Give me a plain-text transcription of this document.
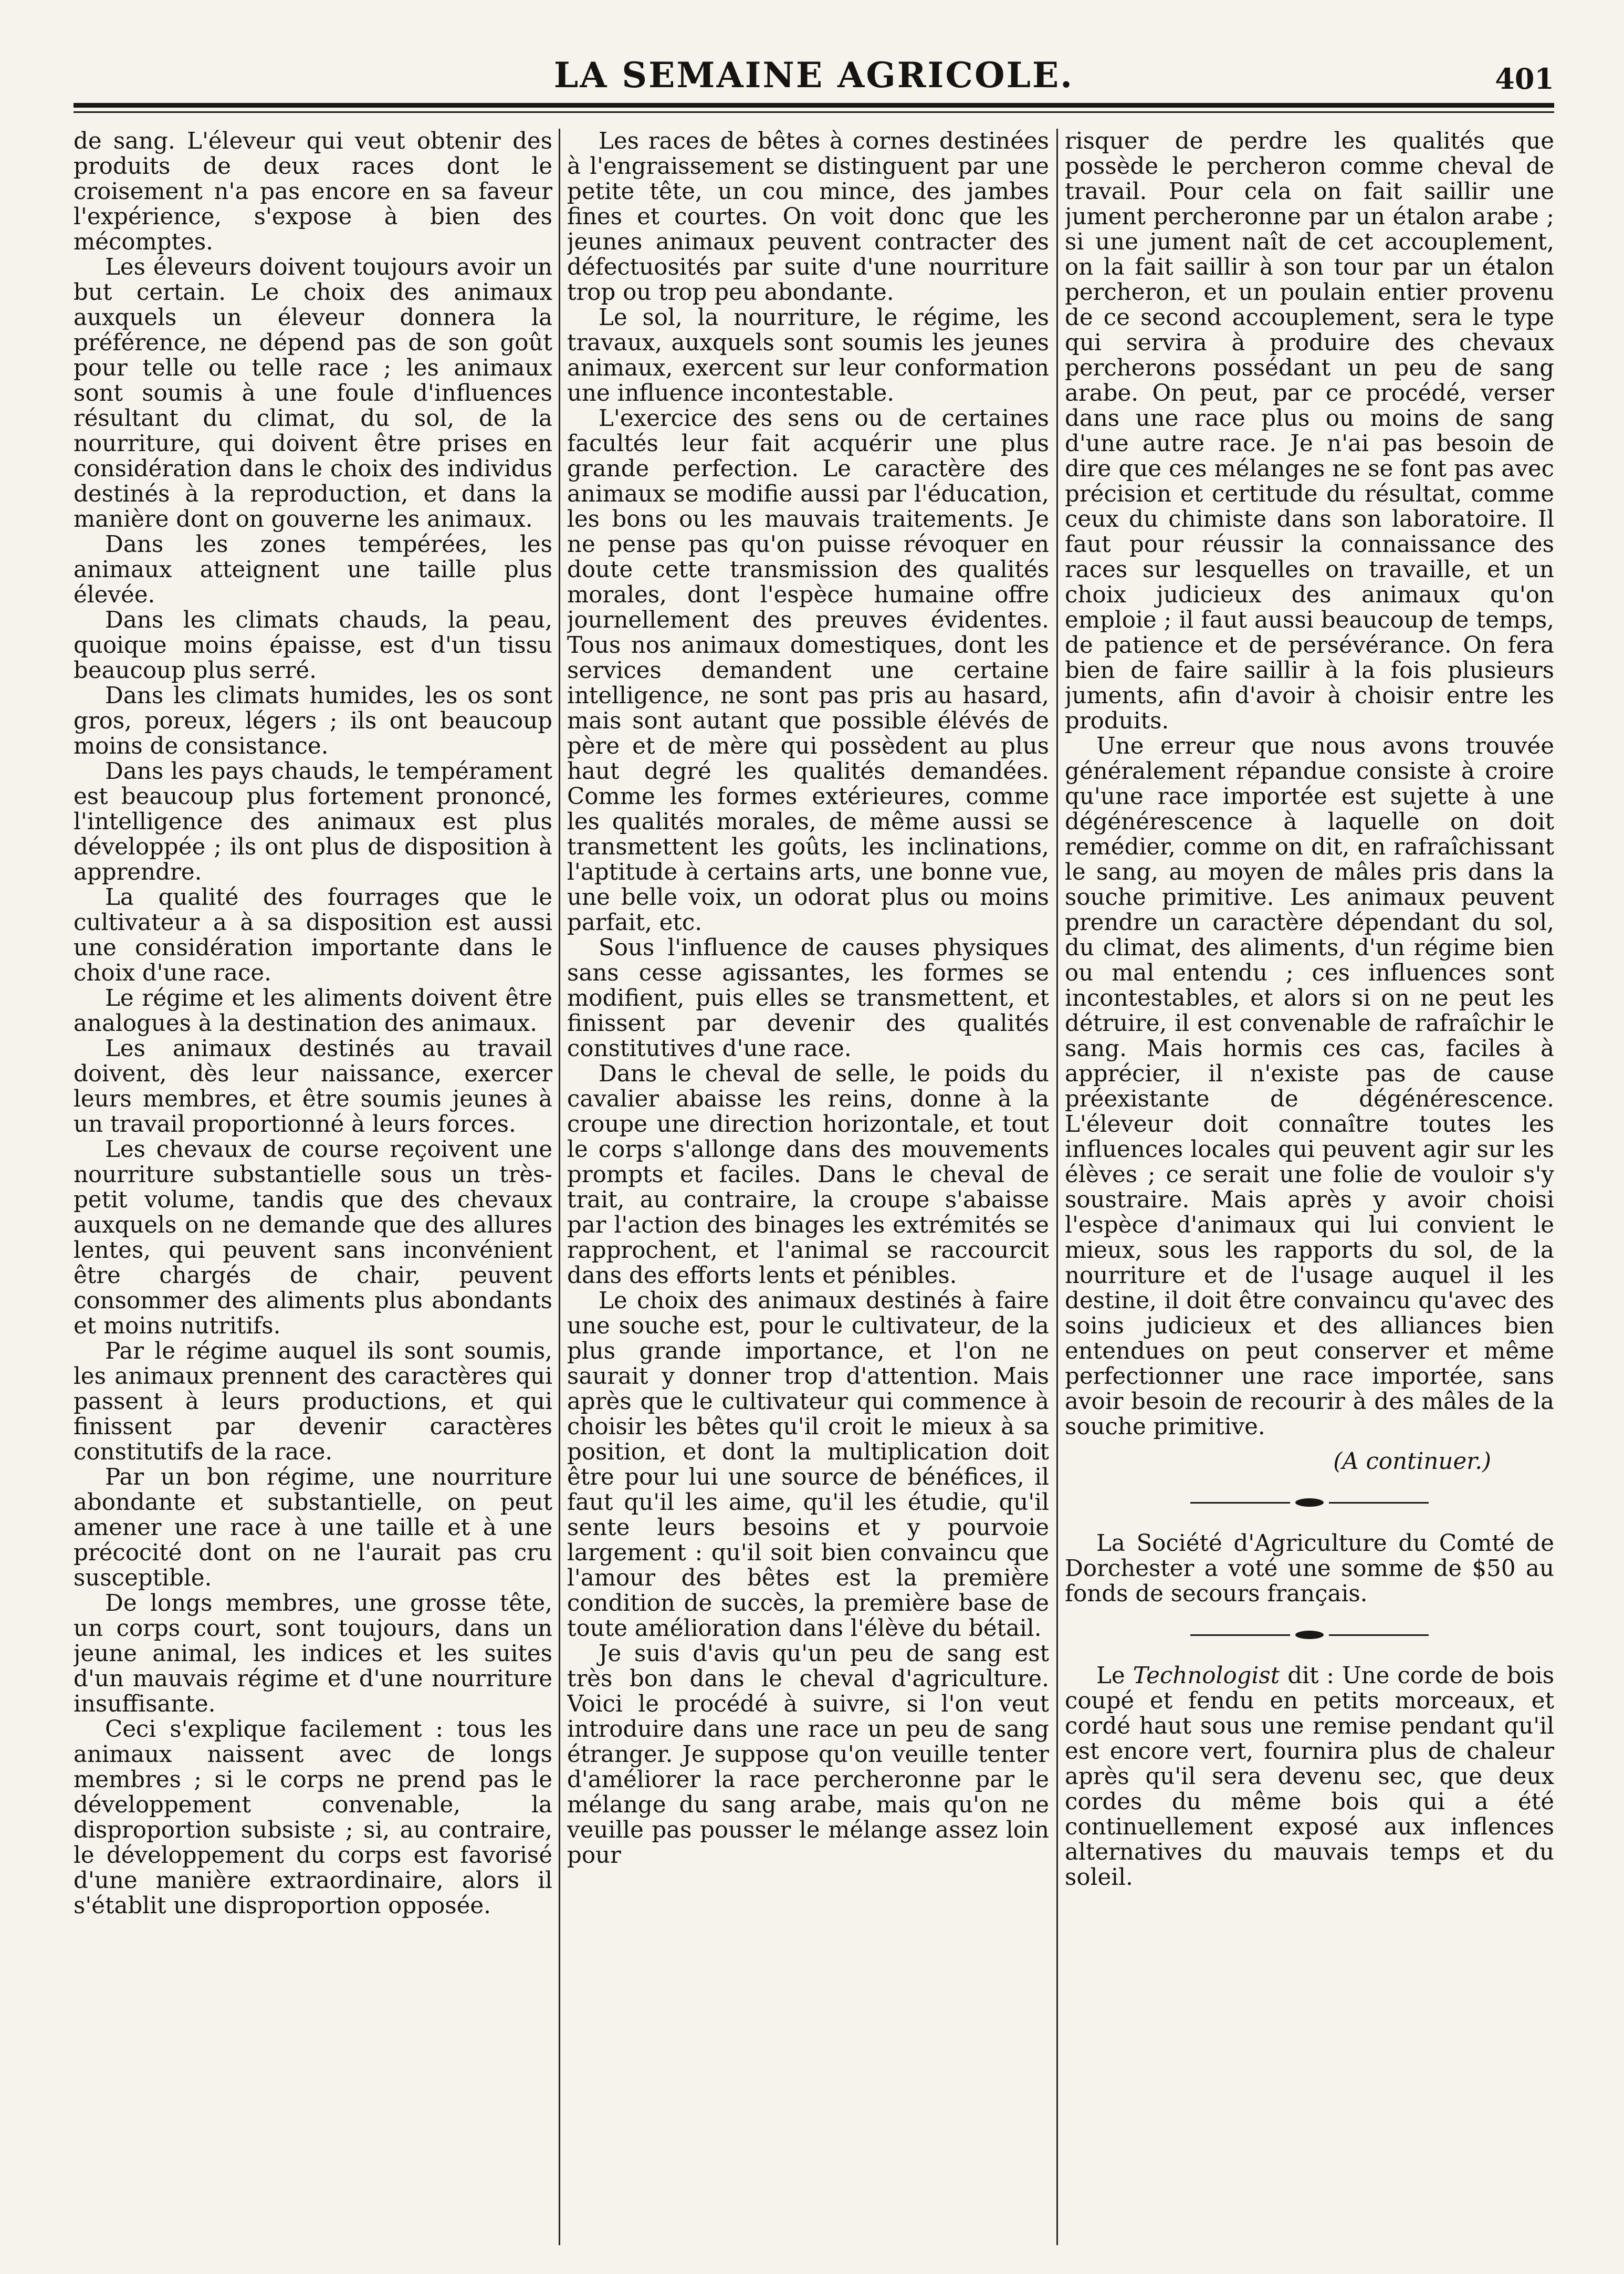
LA SEMAINE AGRICOLE.	401

de sang. L'éleveur qui veut obtenir des produits de deux races dont le croisement n'a pas encore en sa faveur l'expérience, s'expose à bien des mécomptes.

Les éleveurs doivent toujours avoir un but certain. Le choix des animaux auxquels un éleveur donnera la préférence, ne dépend pas de son goût pour telle ou telle race ; les animaux sont soumis à une foule d'influences résultant du climat, du sol, de la nourriture, qui doivent être prises en considération dans le choix des individus destinés à la reproduction, et dans la manière dont on gouverne les animaux.

Dans les zones tempérées, les animaux atteignent une taille plus élevée.

Dans les climats chauds, la peau, quoique moins épaisse, est d'un tissu beaucoup plus serré.

Dans les climats humides, les os sont gros, poreux, légers ; ils ont beaucoup moins de consistance.

Dans les pays chauds, le tempérament est beaucoup plus fortement prononcé, l'intelligence des animaux est plus développée ; ils ont plus de disposition à apprendre.

La qualité des fourrages que le cultivateur a à sa disposition est aussi une considération importante dans le choix d'une race.

Le régime et les aliments doivent être analogues à la destination des animaux.

Les animaux destinés au travail doivent, dès leur naissance, exercer leurs membres, et être soumis jeunes à un travail proportionné à leurs forces.

Les chevaux de course reçoivent une nourriture substantielle sous un très-petit volume, tandis que des chevaux auxquels on ne demande que des allures lentes, qui peuvent sans inconvénient être chargés de chair, peuvent consommer des aliments plus abondants et moins nutritifs.

Par le régime auquel ils sont soumis, les animaux prennent des caractères qui passent à leurs productions, et qui finissent par devenir caractères constitutifs de la race.

Par un bon régime, une nourriture abondante et substantielle, on peut amener une race à une taille et à une précocité dont on ne l'aurait pas cru susceptible.

De longs membres, une grosse tête, un corps court, sont toujours, dans un jeune animal, les indices et les suites d'un mauvais régime et d'une nourriture insuffisante.

Ceci s'explique facilement : tous les animaux naissent avec de longs membres ; si le corps ne prend pas le développement convenable, la disproportion subsiste ; si, au contraire, le développement du corps est favorisé d'une manière extraordinaire, alors il s'établit une disproportion opposée.

Les races de bêtes à cornes destinées à l'engraissement se distinguent par une petite tête, un cou mince, des jambes fines et courtes. On voit donc que les jeunes animaux peuvent contracter des défectuosités par suite d'une nourriture trop ou trop peu abondante.

Le sol, la nourriture, le régime, les travaux, auxquels sont soumis les jeunes animaux, exercent sur leur conformation une influence incontestable.

L'exercice des sens ou de certaines facultés leur fait acquérir une plus grande perfection. Le caractère des animaux se modifie aussi par l'éducation, les bons ou les mauvais traitements. Je ne pense pas qu'on puisse révoquer en doute cette transmission des qualités morales, dont l'espèce humaine offre journellement des preuves évidentes. Tous nos animaux domestiques, dont les services demandent une certaine intelligence, ne sont pas pris au hasard, mais sont autant que possible élévés de père et de mère qui possèdent au plus haut degré les qualités demandées. Comme les formes extérieures, comme les qualités morales, de même aussi se transmettent les goûts, les inclinations, l'aptitude à certains arts, une bonne vue, une belle voix, un odorat plus ou moins parfait, etc.

Sous l'influence de causes physiques sans cesse agissantes, les formes se modifient, puis elles se transmettent, et finissent par devenir des qualités constitutives d'une race.

Dans le cheval de selle, le poids du cavalier abaisse les reins, donne à la croupe une direction horizontale, et tout le corps s'allonge dans des mouvements prompts et faciles. Dans le cheval de trait, au contraire, la croupe s'abaisse par l'action des binages les extrémités se rapprochent, et l'animal se raccourcit dans des efforts lents et pénibles.

Le choix des animaux destinés à faire une souche est, pour le cultivateur, de la plus grande importance, et l'on ne saurait y donner trop d'attention. Mais après que le cultivateur qui commence à choisir les bêtes qu'il croit le mieux à sa position, et dont la multiplication doit être pour lui une source de bénéfices, il faut qu'il les aime, qu'il les étudie, qu'il sente leurs besoins et y pourvoie largement : qu'il soit bien convaincu que l'amour des bêtes est la première condition de succès, la première base de toute amélioration dans l'élève du bétail.

Je suis d'avis qu'un peu de sang est très bon dans le cheval d'agriculture. Voici le procédé à suivre, si l'on veut introduire dans une race un peu de sang étranger. Je suppose qu'on veuille tenter d'améliorer la race percheronne par le mélange du sang arabe, mais qu'on ne veuille pas pousser le mélange assez loin pour

risquer de perdre les qualités que possède le percheron comme cheval de travail. Pour cela on fait saillir une jument percheronne par un étalon arabe ; si une jument naît de cet accouplement, on la fait saillir à son tour par un étalon percheron, et un poulain entier provenu de ce second accouplement, sera le type qui servira à produire des chevaux percherons possédant un peu de sang arabe. On peut, par ce procédé, verser dans une race plus ou moins de sang d'une autre race. Je n'ai pas besoin de dire que ces mélanges ne se font pas avec précision et certitude du résultat, comme ceux du chimiste dans son laboratoire. Il faut pour réussir la connaissance des races sur lesquelles on travaille, et un choix judicieux des animaux qu'on emploie ; il faut aussi beaucoup de temps, de patience et de persévérance. On fera bien de faire saillir à la fois plusieurs juments, afin d'avoir à choisir entre les produits.

Une erreur que nous avons trouvée généralement répandue consiste à croire qu'une race importée est sujette à une dégénérescence à laquelle on doit remédier, comme on dit, en rafraîchissant le sang, au moyen de mâles pris dans la souche primitive. Les animaux peuvent prendre un caractère dépendant du sol, du climat, des aliments, d'un régime bien ou mal entendu ; ces influences sont incontestables, et alors si on ne peut les détruire, il est convenable de rafraîchir le sang. Mais hormis ces cas, faciles à apprécier, il n'existe pas de cause préexistante de dégénérescence. L'éleveur doit connaître toutes les influences locales qui peuvent agir sur les élèves ; ce serait une folie de vouloir s'y soustraire. Mais après y avoir choisi l'espèce d'animaux qui lui convient le mieux, sous les rapports du sol, de la nourriture et de l'usage auquel il les destine, il doit être convaincu qu'avec des soins judicieux et des alliances bien entendues on peut conserver et même perfectionner une race importée, sans avoir besoin de recourir à des mâles de la souche primitive.

(A continuer.)

La Société d'Agriculture du Comté de Dorchester a voté une somme de $50 au fonds de secours français.

Le Technologist dit : Une corde de bois coupé et fendu en petits morceaux, et cordé haut sous une remise pendant qu'il est encore vert, fournira plus de chaleur après qu'il sera devenu sec, que deux cordes du même bois qui a été continuellement exposé aux inflences alternatives du mauvais temps et du soleil.
